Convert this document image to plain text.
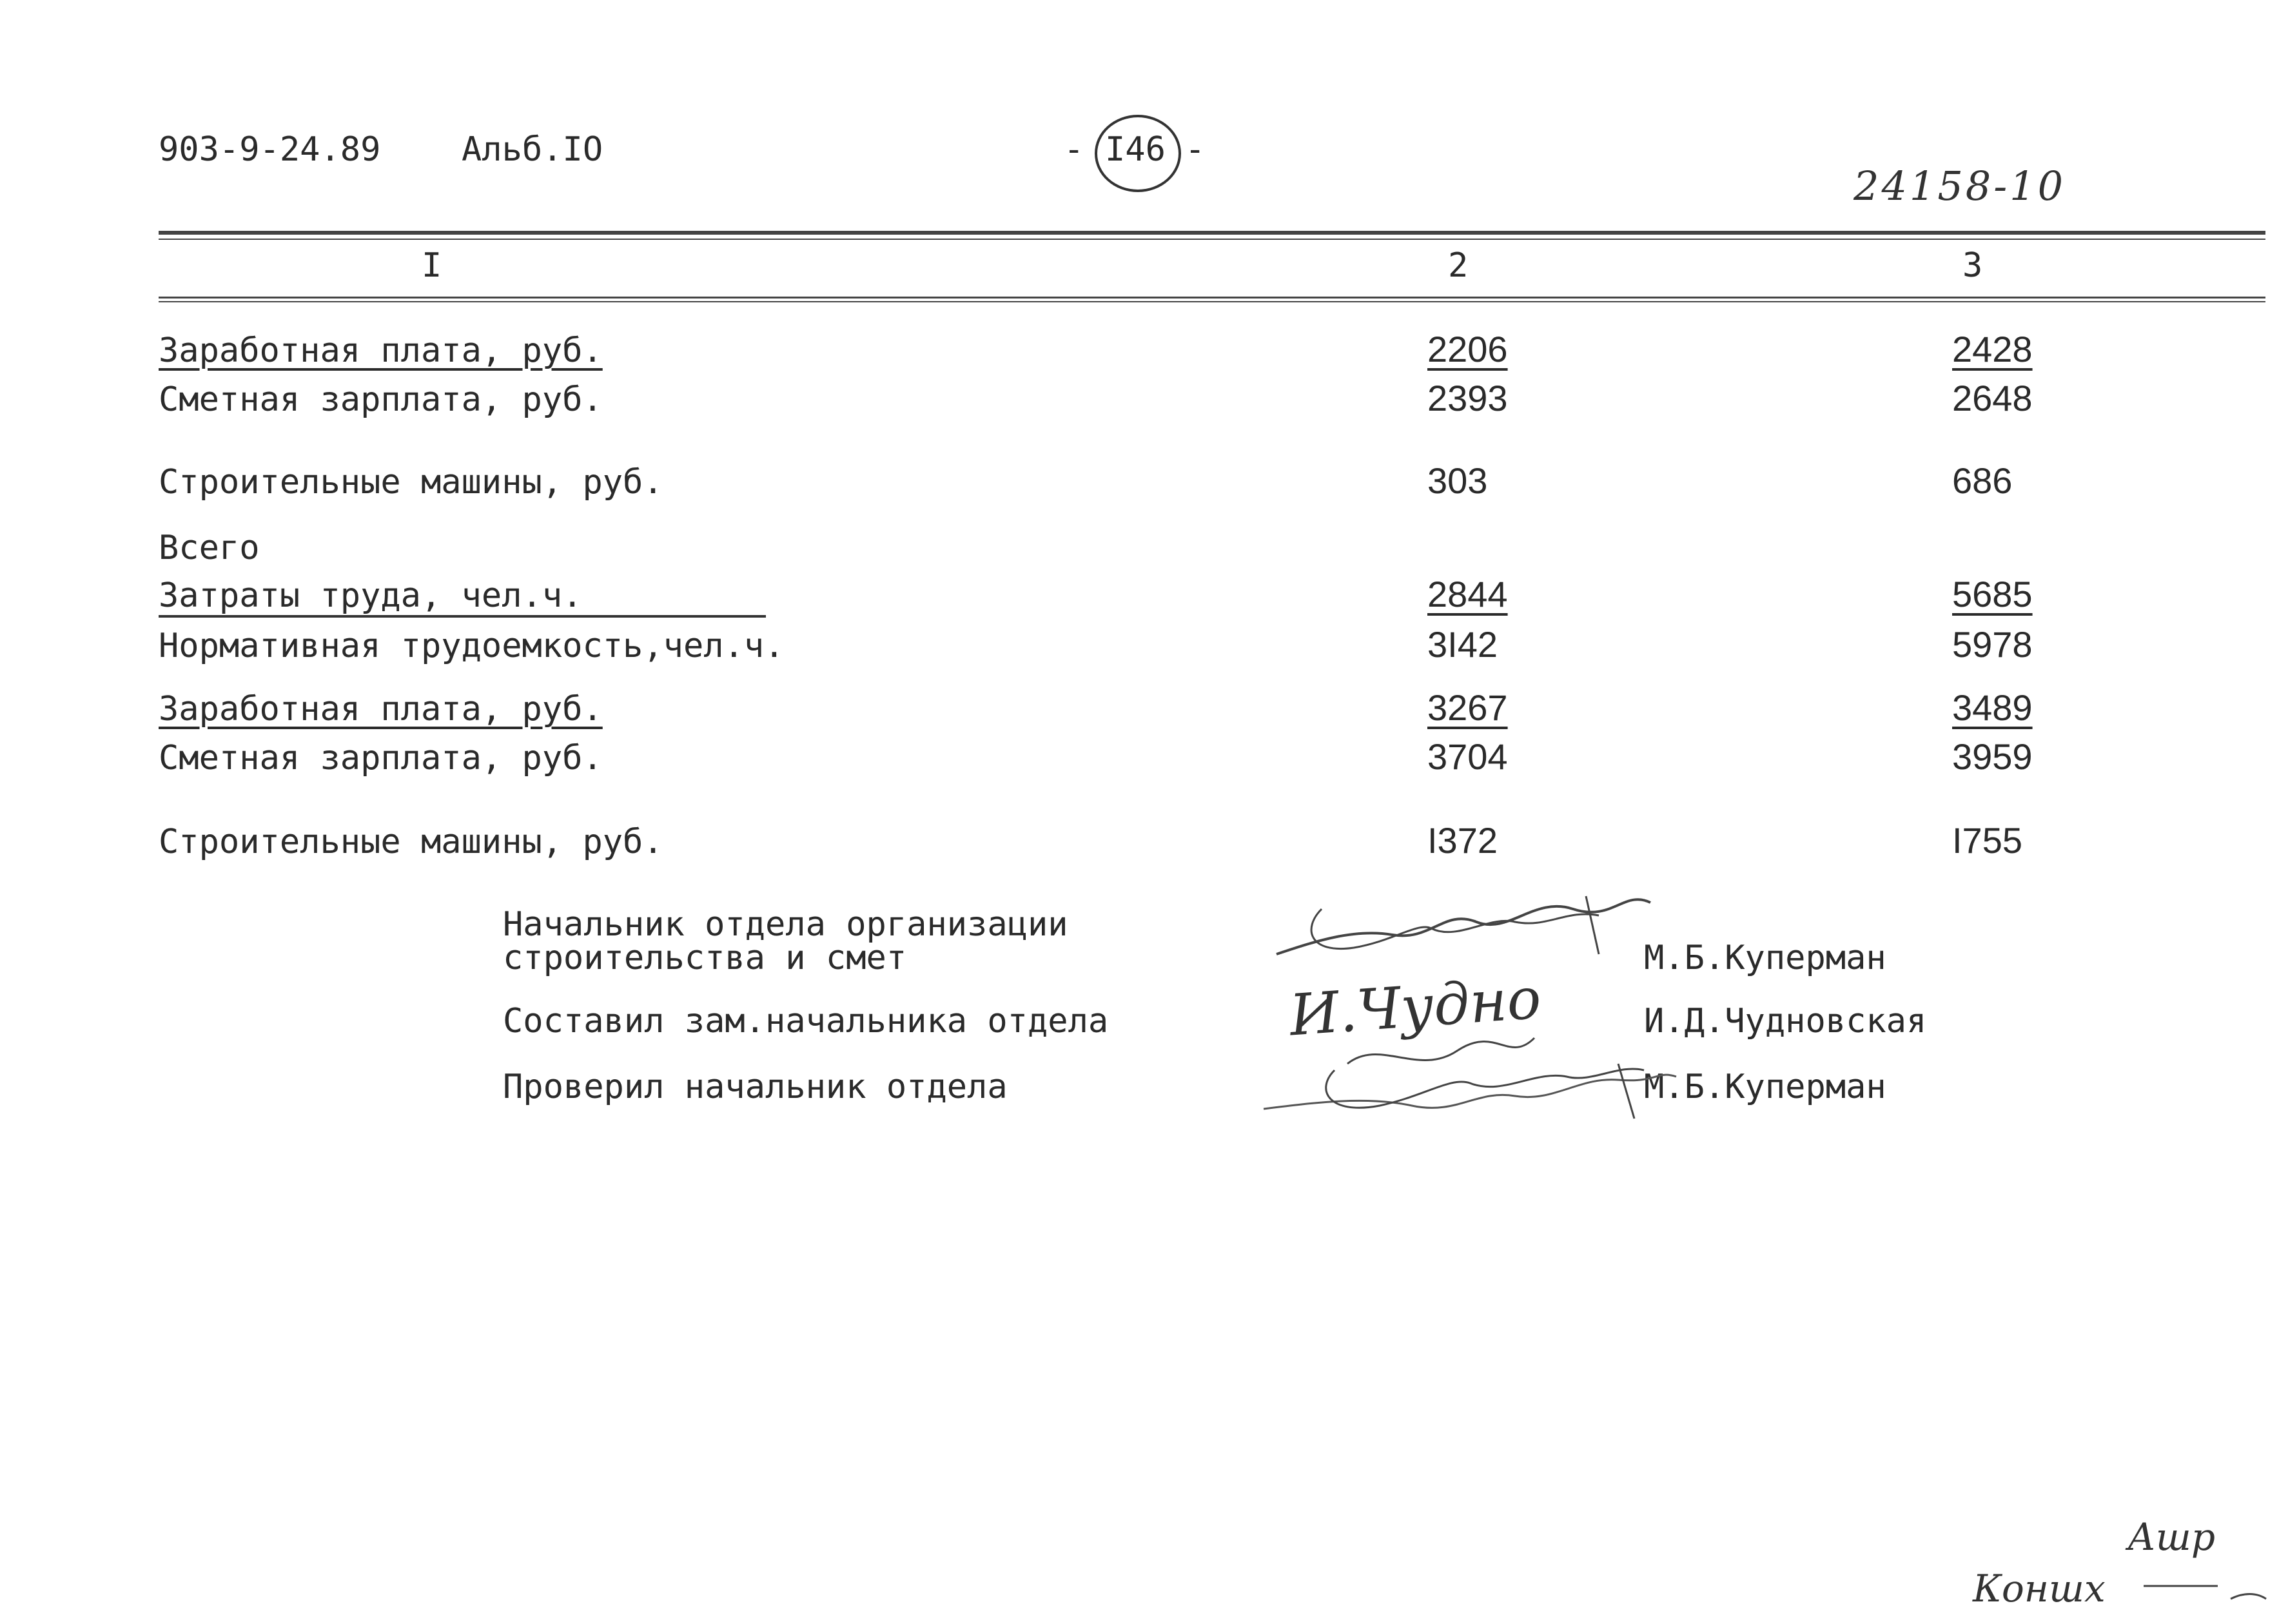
903-9-24.89 Альб.IO	- I46 -
24158-10
I	2	3
Заработная плата, руб.	2206	2428
Сметная зарплата, руб.	2393	2648
Строительные машины, руб.	303	686
Всего
Затраты труда, чел.ч.	2844	5685
Нормативная трудоемкость,чел.ч.	3I42	5978
Заработная плата, руб.	3267	3489
Сметная зарплата, руб.	3704	3959
Строительные машины, руб.	I372	I755
Начальник отдела организации
строительства и смет	М.Б.Куперман
Составил зам.начальника отдела	И.Д.Чудновская
Проверил начальник отдела	М.Б.Куперман
И.Чудно
Ашр
Коншх
